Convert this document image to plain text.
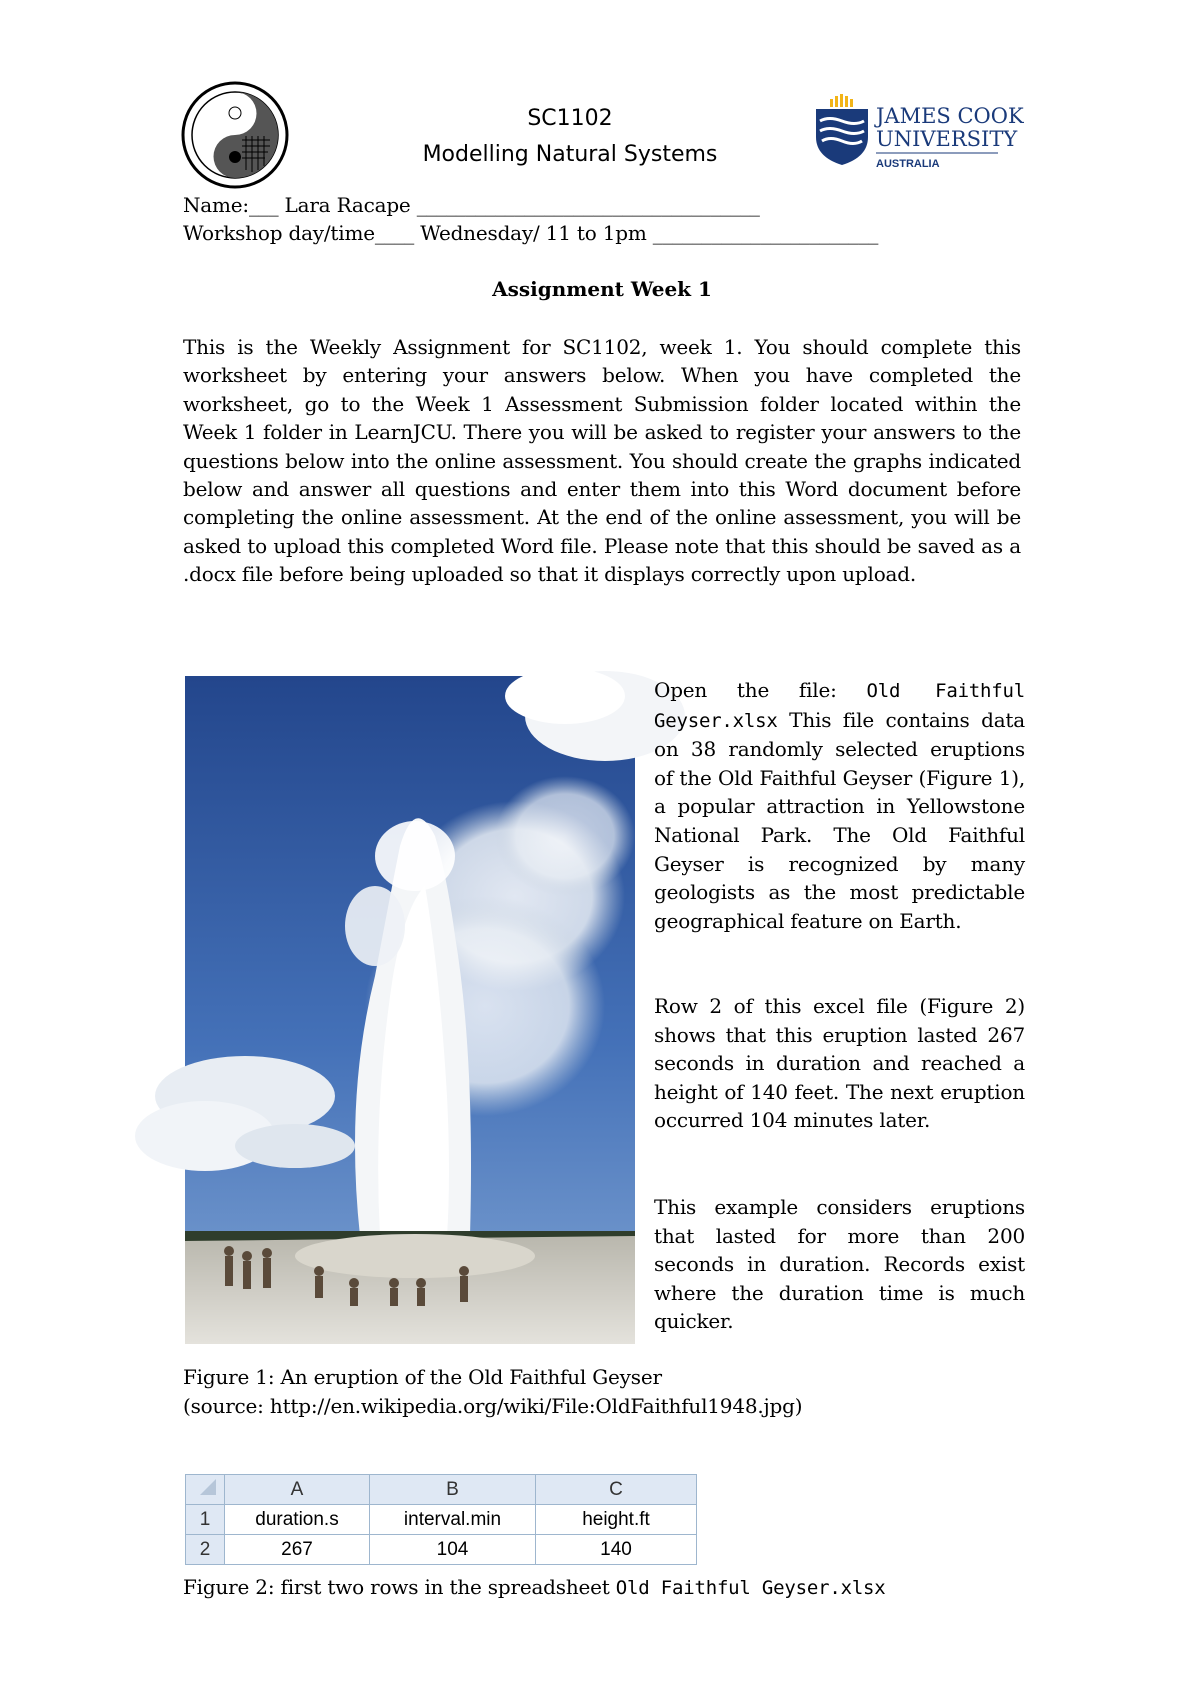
SC1102
Modelling Natural Systems
JAMES COOK
UNIVERSITY
AUSTRALIA
Name:___ Lara Racape ___________________________________
Workshop day/time____ Wednesday/ 11 to 1pm _______________________
Assignment Week 1
This is the Weekly Assignment for SC1102, week 1. You should complete this worksheet by entering your answers below. When you have completed the worksheet, go to the Week 1 Assessment Submission folder located within the Week 1 folder in LearnJCU. There you will be asked to register your answers to the questions below into the online assessment. You should create the graphs indicated below and answer all questions and enter them into this Word document before completing the online assessment. At the end of the online assessment, you will be asked to upload this completed Word file. Please note that this should be saved as a .docx file before being uploaded so that it displays correctly upon upload.
Open the file: Old Faithful Geyser.xlsx This file contains data on 38 randomly selected eruptions of the Old Faithful Geyser (Figure 1), a popular attraction in Yellowstone National Park. The Old Faithful Geyser is recognized by many geologists as the most predictable geographical feature on Earth.
Row 2 of this excel file (Figure 2) shows that this eruption lasted 267 seconds in duration and reached a height of 140 feet. The next eruption occurred 104 minutes later.
This example considers eruptions that lasted for more than 200 seconds in duration. Records exist where the duration time is much quicker.
Figure 1: An eruption of the Old Faithful Geyser
(source: http://en.wikipedia.org/wiki/File:OldFaithful1948.jpg)
	A	B	C
1	duration.s	interval.min	height.ft
2	267	104	140
Figure 2: first two rows in the spreadsheet Old Faithful Geyser.xlsx
